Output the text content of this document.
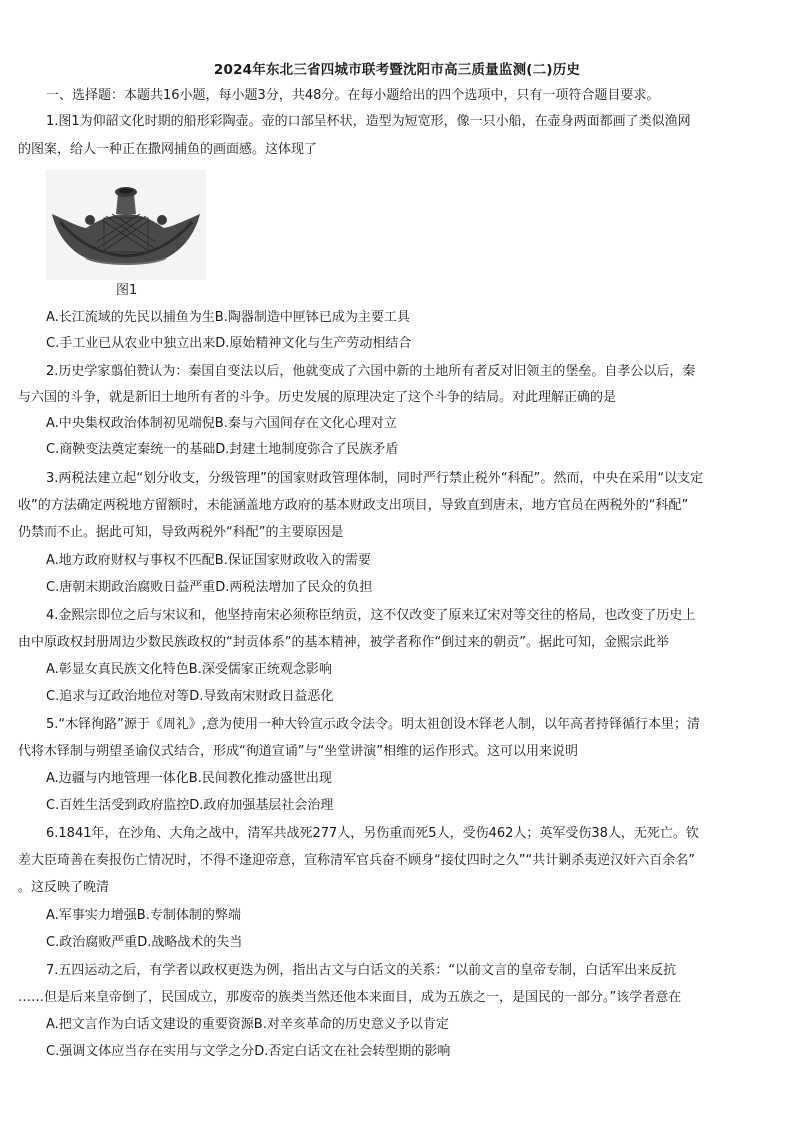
2024年东北三省四城市联考暨沈阳市高三质量监测(二)历史
一、选择题：本题共16小题，每小题3分，共48分。在每小题给出的四个选项中，只有一项符合题目要求。
1.图1为仰韶文化时期的船形彩陶壶。壶的口部呈杯状，造型为短宽形，像一只小船，在壶身两面都画了类似渔网
的图案，给人一种正在撒网捕鱼的画面感。这体现了
图1
A.长江流域的先民以捕鱼为生B.陶器制造中匣钵已成为主要工具
C.手工业已从农业中独立出来D.原始精神文化与生产劳动相结合
2.历史学家翦伯赞认为：秦国自变法以后，他就变成了六国中新的土地所有者反对旧领主的堡垒。自孝公以后，秦
与六国的斗争，就是新旧土地所有者的斗争。历史发展的原理决定了这个斗争的结局。对此理解正确的是
A.中央集权政治体制初见端倪B.秦与六国间存在文化心理对立
C.商鞅变法奠定秦统一的基础D.封建土地制度弥合了民族矛盾
3.两税法建立起“划分收支，分级管理”的国家财政管理体制，同时严行禁止税外“科配”。然而，中央在采用“以支定
收”的方法确定两税地方留额时，未能涵盖地方政府的基本财政支出项目，导致直到唐末，地方官员在两税外的“科配”
仍禁而不止。据此可知，导致两税外“科配”的主要原因是
A.地方政府财权与事权不匹配B.保证国家财政收入的需要
C.唐朝末期政治腐败日益严重D.两税法增加了民众的负担
4.金熙宗即位之后与宋议和，他坚持南宋必须称臣纳贡，这不仅改变了原来辽宋对等交往的格局，也改变了历史上
由中原政权封册周边少数民族政权的“封贡体系”的基本精神，被学者称作“倒过来的朝贡”。据此可知，金熙宗此举
A.彰显女真民族文化特色B.深受儒家正统观念影响
C.追求与辽政治地位对等D.导致南宋财政日益恶化
5.“木铎徇路”源于《周礼》,意为使用一种大铃宣示政令法令。明太祖创设木铎老人制，以年高者持铎循行本里；清
代将木铎制与朔望圣谕仪式结合，形成“徇道宣诵”与“坐堂讲演”相维的运作形式。这可以用来说明
A.边疆与内地管理一体化B.民间教化推动盛世出现
C.百姓生活受到政府监控D.政府加强基层社会治理
6.1841年，在沙角、大角之战中，清军共战死277人，另伤重而死5人，受伤462人；英军受伤38人，无死亡。钦
差大臣琦善在奏报伤亡情况时，不得不逢迎帝意，宣称清军官兵奋不顾身“接仗四时之久”“共计剿杀夷逆汉奸六百余名”
。这反映了晚清
A.军事实力增强B.专制体制的弊端
C.政治腐败严重D.战略战术的失当
7.五四运动之后，有学者以政权更迭为例，指出古文与白话文的关系：“以前文言的皇帝专制，白话军出来反抗
……但是后来皇帝倒了，民国成立，那废帝的族类当然还他本来面目，成为五族之一，是国民的一部分。”该学者意在
A.把文言作为白话文建设的重要资源B.对辛亥革命的历史意义予以肯定
C.强调文体应当存在实用与文学之分D.否定白话文在社会转型期的影响
